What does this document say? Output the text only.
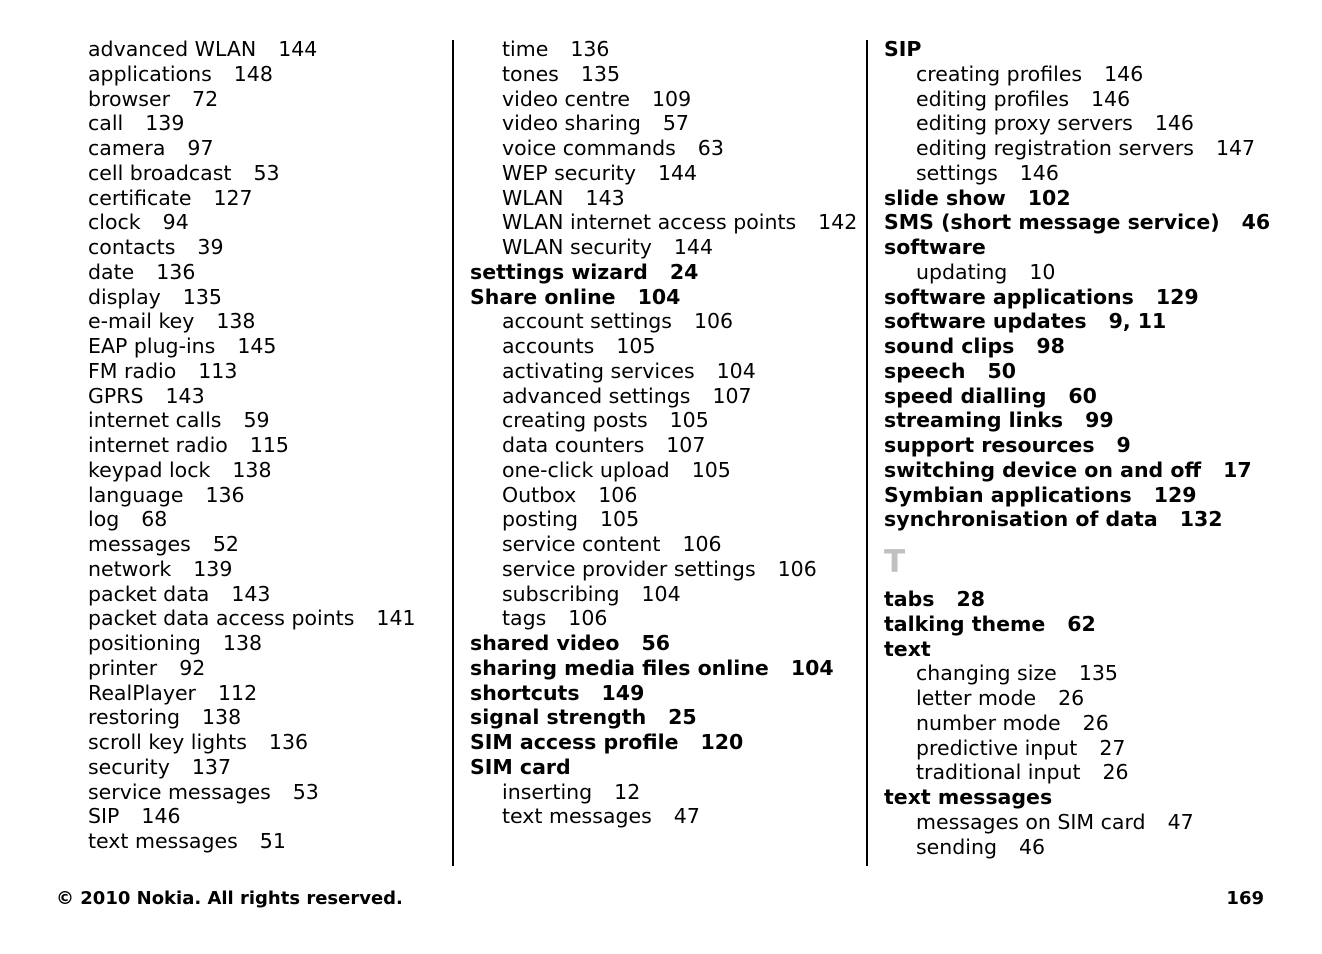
advanced WLAN 144
applications 148
browser 72
call 139
camera 97
cell broadcast 53
certificate 127
clock 94
contacts 39
date 136
display 135
e-mail key 138
EAP plug-ins 145
FM radio 113
GPRS 143
internet calls 59
internet radio 115
keypad lock 138
language 136
log 68
messages 52
network 139
packet data 143
packet data access points 141
positioning 138
printer 92
RealPlayer 112
restoring 138
scroll key lights 136
security 137
service messages 53
SIP 146
text messages 51
time 136
tones 135
video centre 109
video sharing 57
voice commands 63
WEP security 144
WLAN 143
WLAN internet access points 142
WLAN security 144
settings wizard 24
Share online 104
account settings 106
accounts 105
activating services 104
advanced settings 107
creating posts 105
data counters 107
one-click upload 105
Outbox 106
posting 105
service content 106
service provider settings 106
subscribing 104
tags 106
shared video 56
sharing media files online 104
shortcuts 149
signal strength 25
SIM access profile 120
SIM card
inserting 12
text messages 47
SIP
creating profiles 146
editing profiles 146
editing proxy servers 146
editing registration servers 147
settings 146
slide show 102
SMS (short message service) 46
software
updating 10
software applications 129
software updates 9, 11
sound clips 98
speech 50
speed dialling 60
streaming links 99
support resources 9
switching device on and off 17
Symbian applications 129
synchronisation of data 132
T
tabs 28
talking theme 62
text
changing size 135
letter mode 26
number mode 26
predictive input 27
traditional input 26
text messages
messages on SIM card 47
sending 46
© 2010 Nokia. All rights reserved.	169
